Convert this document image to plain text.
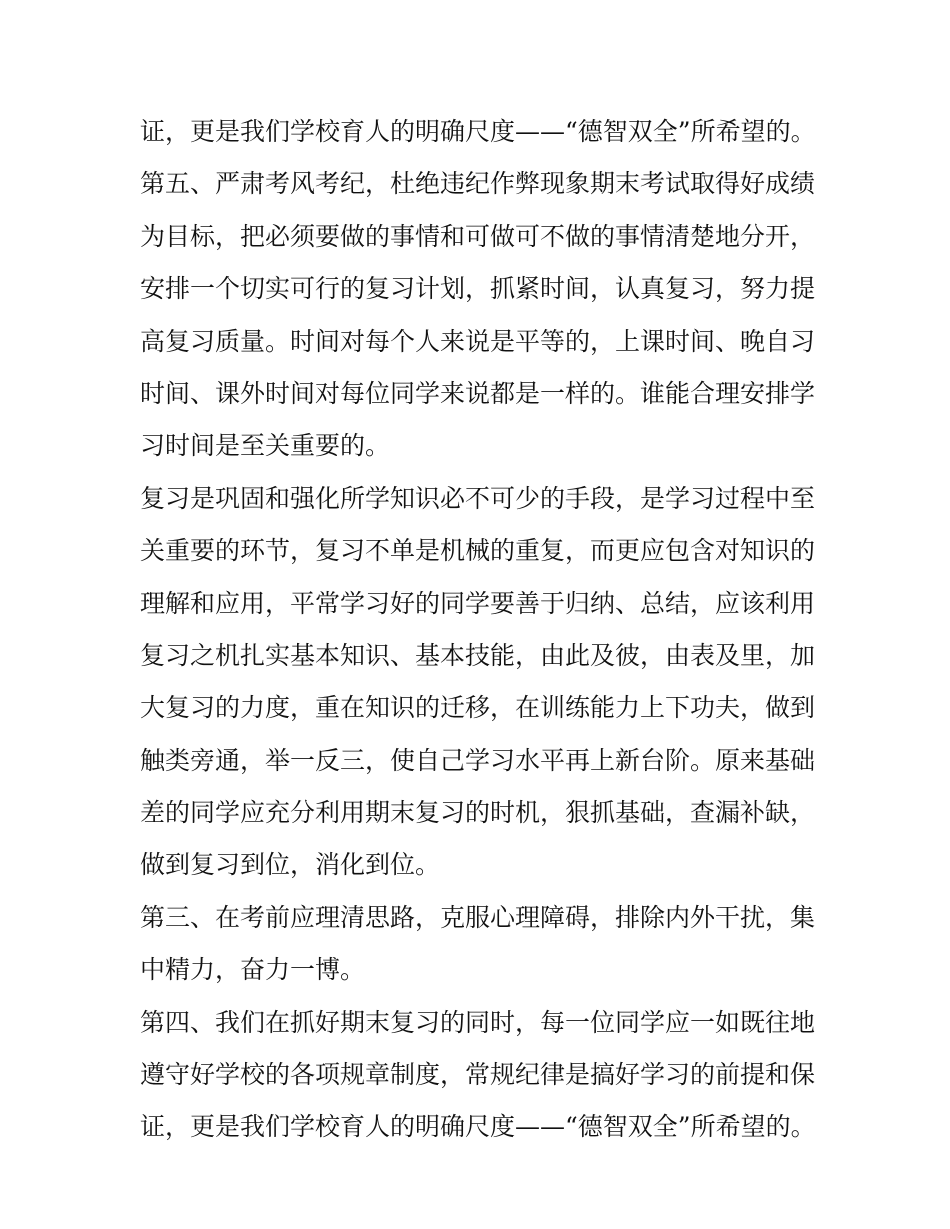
证，更是我们学校育人的明确尺度——“德智双全”所希望的。
第五、严肃考风考纪，杜绝违纪作弊现象期末考试取得好成绩
为目标，把必须要做的事情和可做可不做的事情清楚地分开，
安排一个切实可行的复习计划，抓紧时间，认真复习，努力提
高复习质量。时间对每个人来说是平等的，上课时间、晚自习
时间、课外时间对每位同学来说都是一样的。谁能合理安排学
习时间是至关重要的。
复习是巩固和强化所学知识必不可少的手段，是学习过程中至
关重要的环节，复习不单是机械的重复，而更应包含对知识的
理解和应用，平常学习好的同学要善于归纳、总结，应该利用
复习之机扎实基本知识、基本技能，由此及彼，由表及里，加
大复习的力度，重在知识的迁移，在训练能力上下功夫，做到
触类旁通，举一反三，使自己学习水平再上新台阶。原来基础
差的同学应充分利用期末复习的时机，狠抓基础，查漏补缺，
做到复习到位，消化到位。
第三、在考前应理清思路，克服心理障碍，排除内外干扰，集
中精力，奋力一博。
第四、我们在抓好期末复习的同时，每一位同学应一如既往地
遵守好学校的各项规章制度，常规纪律是搞好学习的前提和保
证，更是我们学校育人的明确尺度——“德智双全”所希望的。
